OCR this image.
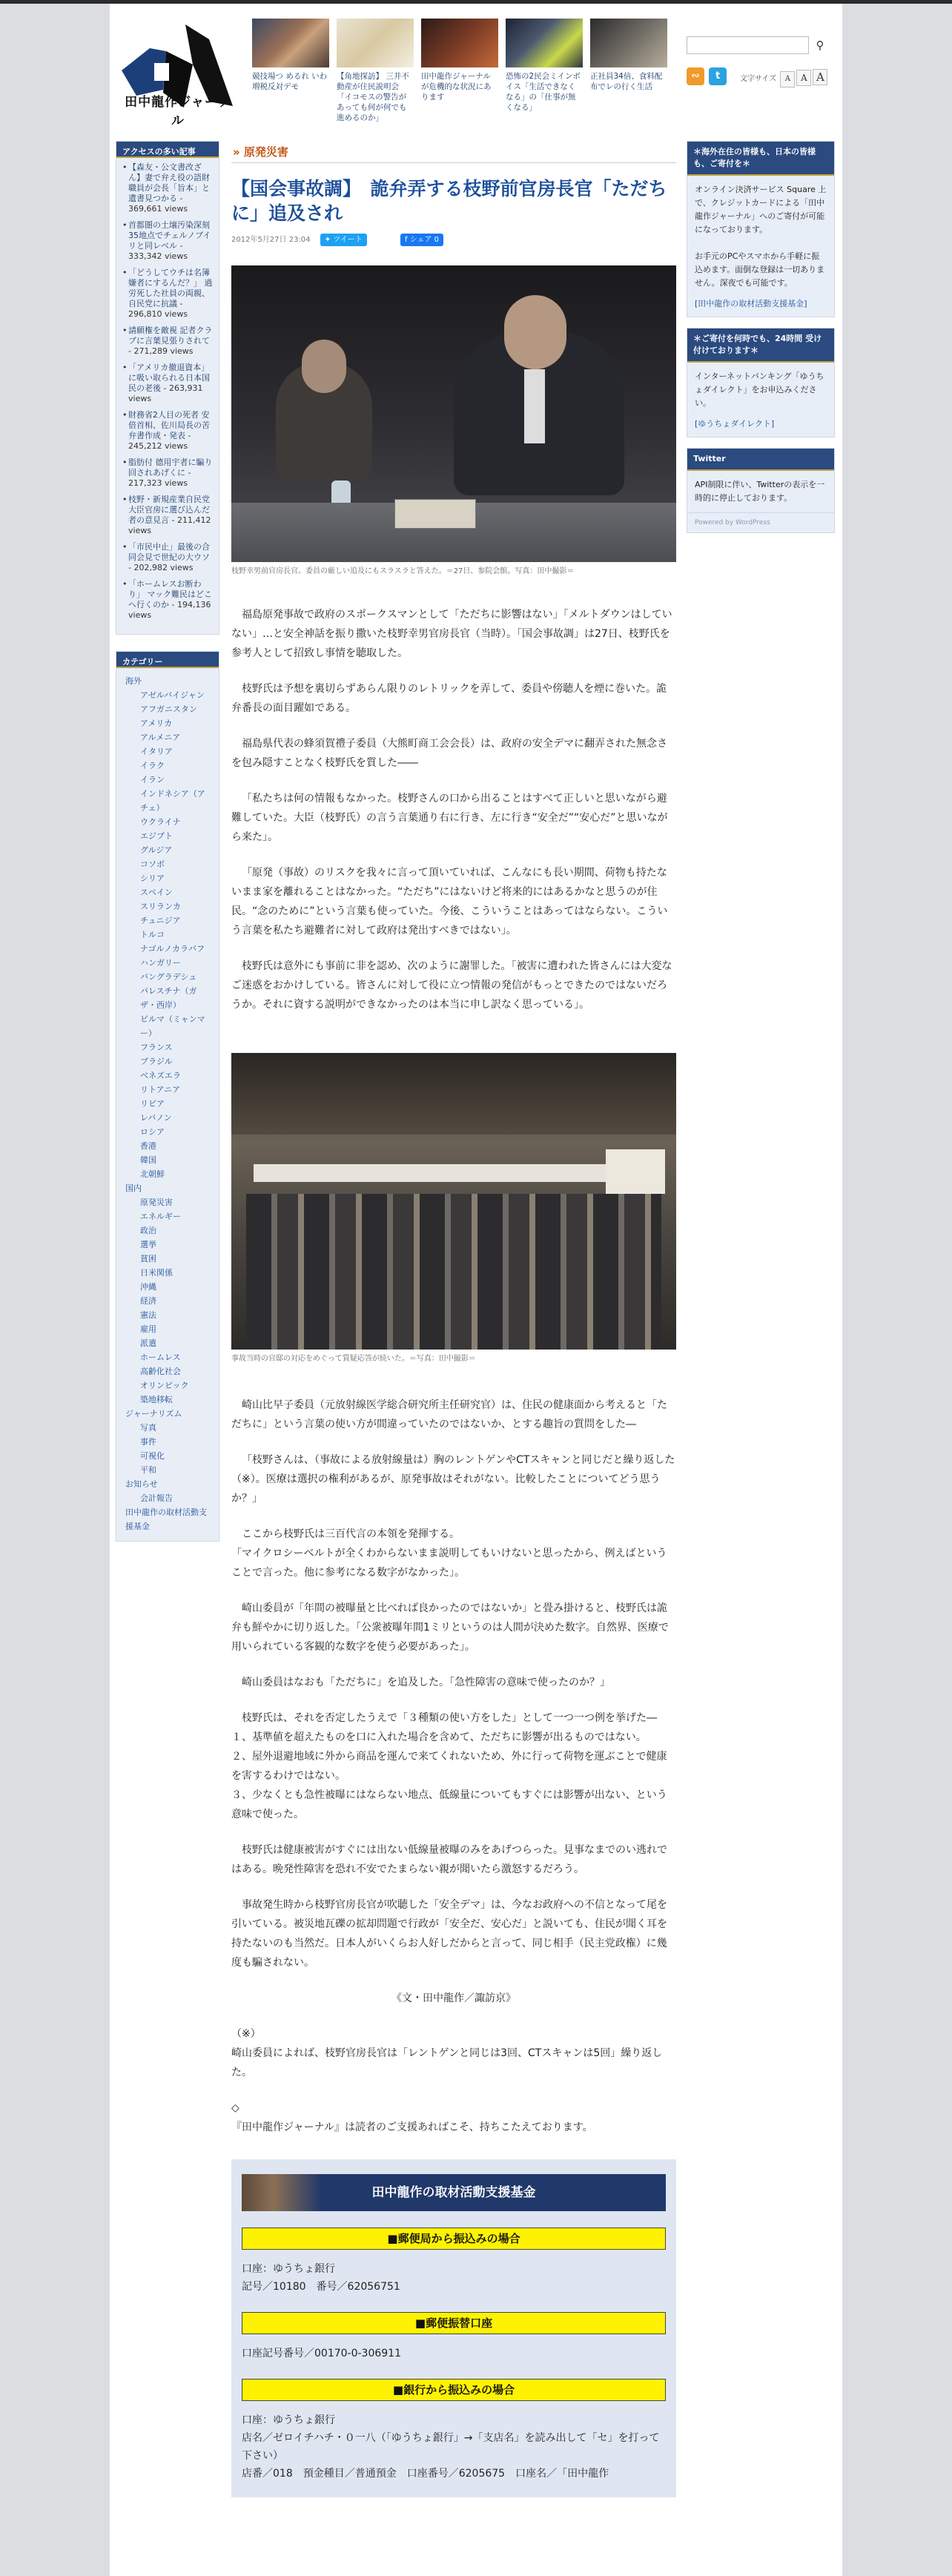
田中龍作ジャーナル
競技場つ めるれ いわ増税反対デモ
【角地探訪】 三井不動産が住民説明会「イコモスの警告があっても何が何でも進めるのか」
田中龍作ジャーナルが危機的な状況にあります
恐怖の2民会ミインボイス「生活できなくなる」の「仕事が無くなる」
正社員34倍、食料配布でレの行く生活
⚲
∾ t	文字サイズ A A A
アクセスの多い記事
• 【森友・公文書改ざん】妻で弁え役の語財職員が会長「旨本」と遺書見つかる - 369,661 views
• 首都圏の土壌汚染深刻 35地点でチェルノブイリと同レベル - 333,342 views
• 「どうしてウチは名簿嫌者にするんだ？」 過労死した社員の両親、自民党に抗議 - 296,810 views
• 請願権を敵視 記者クラブに言葉見張りされて - 271,289 views
• 「アメリカ撤退資本」に吸い取られる日本国民の老後 - 263,931 views
• 財務省2人目の死者 安倍首相、佐川局長の苦弁書作成・発表 - 245,212 views
• 脂肪付 德用宇者に騙り回されあげくに - 217,323 views
• 枝野・新規産業自民党大臣官房に選び込んだ者の意見言 - 211,412 views
• 「市民中止」最後の合同会見で世紀の大ウソ - 202,982 views
• 「ホームレスお断わり」 マック難民はどこへ行くのか - 194,136 views
カテゴリー
海外
アゼルバイジャン
アフガニスタン
アメリカ
アルメニア
イタリア
イラク
イラン
インドネシア（アチェ）
ウクライナ
エジプト
グルジア
コソボ
シリア
スペイン
スリランカ
チュニジア
トルコ
ナゴルノカラバフ
ハンガリー
バングラデシュ
パレスチナ（ガザ・西岸）
ビルマ（ミャンマー）
フランス
ブラジル
ベネズエラ
リトアニア
リビア
レバノン
ロシア
香港
韓国
北朝鮮
国内
原発災害
エネルギー
政治
選挙
貧困
日米関係
沖縄
経済
憲法
雇用
派遣
ホームレス
高齢化社会
オリンピック
築地移転
ジャーナリズム
写真
事件
可視化
平和
お知らせ
会計報告
田中龍作の取材活動支援基金
» 原発災害
【国会事故調】　詭弁弄する枝野前官房長官「ただちに」追及され
2012年5月27日 23:04 ✦ ツイート	f シェア 0
枝野幸男前官房長官。委員の厳しい追及にもスラスラと答えた。＝27日、参院会館。写真：田中撮影＝

福島原発事故で政府のスポークスマンとして「ただちに影響はない」「メルトダウンはしていない」…と安全神話を振り撒いた枝野幸男官房長官（当時）。「国会事故調」は27日、枝野氏を参考人として招致し事情を聴取した。

枝野氏は予想を裏切らずあらん限りのレトリックを弄して、委員や傍聴人を煙に巻いた。詭弁番長の面目躍如である。

福島県代表の蜂須賀禮子委員（大熊町商工会会長）は、政府の安全デマに翻弄された無念さを包み隠すことなく枝野氏を質した――

「私たちは何の情報もなかった。枝野さんの口から出ることはすべて正しいと思いながら避難していた。大臣（枝野氏）の言う言葉通り右に行き、左に行き“安全だ”“安心だ”と思いながら来た」。

「原発（事故）のリスクを我々に言って頂いていれば、こんなにも長い期間、荷物も持たないまま家を離れることはなかった。“ただち”にはないけど将来的にはあるかなと思うのが住民。“念のために”という言葉も使っていた。今後、こういうことはあってはならない。こういう言葉を私たち避難者に対して政府は発出すべきではない」。

枝野氏は意外にも事前に非を認め、次のように謝罪した。「被害に遭われた皆さんには大変なご迷惑をおかけしている。皆さんに対して役に立つ情報の発信がもっとできたのではないだろうか。それに資する説明ができなかったのは本当に申し訳なく思っている」。

事故当時の官邸の対応をめぐって質疑応答が続いた。＝写真：田中撮影＝

崎山比早子委員（元放射線医学総合研究所主任研究官）は、住民の健康面から考えると「ただちに」という言葉の使い方が間違っていたのではないか、とする趣旨の質問をした―

「枝野さんは、（事故による放射線量は）胸のレントゲンやCTスキャンと同じだと繰り返した（※）。医療は選択の権利があるが、原発事故はそれがない。比較したことについてどう思うか？」

ここから枝野氏は三百代言の本領を発揮する。
「マイクロシーベルトが全くわからないまま説明してもいけないと思ったから、例えばということで言った。他に参考になる数字がなかった」。

崎山委員が「年間の被曝量と比べれば良かったのではないか」と畳み掛けると、枝野氏は詭弁も鮮やかに切り返した。「公衆被曝年間1ミリというのは人間が決めた数字。自然界、医療で用いられている客観的な数字を使う必要があった」。

崎山委員はなおも「ただちに」を追及した。「急性障害の意味で使ったのか？」

枝野氏は、それを否定したうえで「３種類の使い方をした」として一つ一つ例を挙げた―
１、基準値を超えたものを口に入れた場合を含めて、ただちに影響が出るものではない。
２、屋外退避地域に外から商品を運んで来てくれないため、外に行って荷物を運ぶことで健康を害するわけではない。
３、少なくとも急性被曝にはならない地点、低線量についてもすぐには影響が出ない、という意味で使った。

枝野氏は健康被害がすぐには出ない低線量被曝のみをあげつらった。見事なまでのい逃れではある。晩発性障害を恐れ不安でたまらない親が聞いたら激怒するだろう。

事故発生時から枝野官房長官が吹聴した「安全デマ」は、今なお政府への不信となって尾を引いている。被災地瓦礫の拡却問題で行政が「安全だ、安心だ」と説いても、住民が聞く耳を持たないのも当然だ。日本人がいくらお人好しだからと言って、同じ相手（民主党政権）に幾度も騙されない。

《文・田中龍作／諏訪京》

（※）

崎山委員によれば、枝野官房長官は「レントゲンと同じは3回、CTスキャンは5回」繰り返した。

◇

『田中龍作ジャーナル』は読者のご支援あればこそ、持ちこたえております。

田中龍作の取材活動支援基金
■郵便局から振込みの場合
口座：ゆうちょ銀行
記号／10180　番号／62056751
■郵便振替口座
口座記号番号／00170‐0‐306911
■銀行から振込みの場合
口座：ゆうちょ銀行
店名／ゼロイチハチ・０一八（「ゆうちょ銀行」→「支店名」を読み出して「セ」を打って下さい）
店番／018　預金種目／普通預金　口座番号／6205675　口座名／「田中龍作
＊海外在住の皆様も、日本の皆様も、ご寄付を＊
オンライン決済サービス Square 上で、クレジットカードによる「田中龍作ジャーナル」へのご寄付が可能になっております。

お手元のPCやスマホから手軽に振込めます。面倒な登録は一切ありません。深夜でも可能です。
[田中龍作の取材活動支援基金]
＊ご寄付を何時でも、24時間 受け付けております＊
インターネットバンキング「ゆうちょダイレクト」をお申込みください。
[ゆうちょダイレクト]
Twitter
API制限に伴い、Twitterの表示を一時的に停止しております。
Powered by WordPress
